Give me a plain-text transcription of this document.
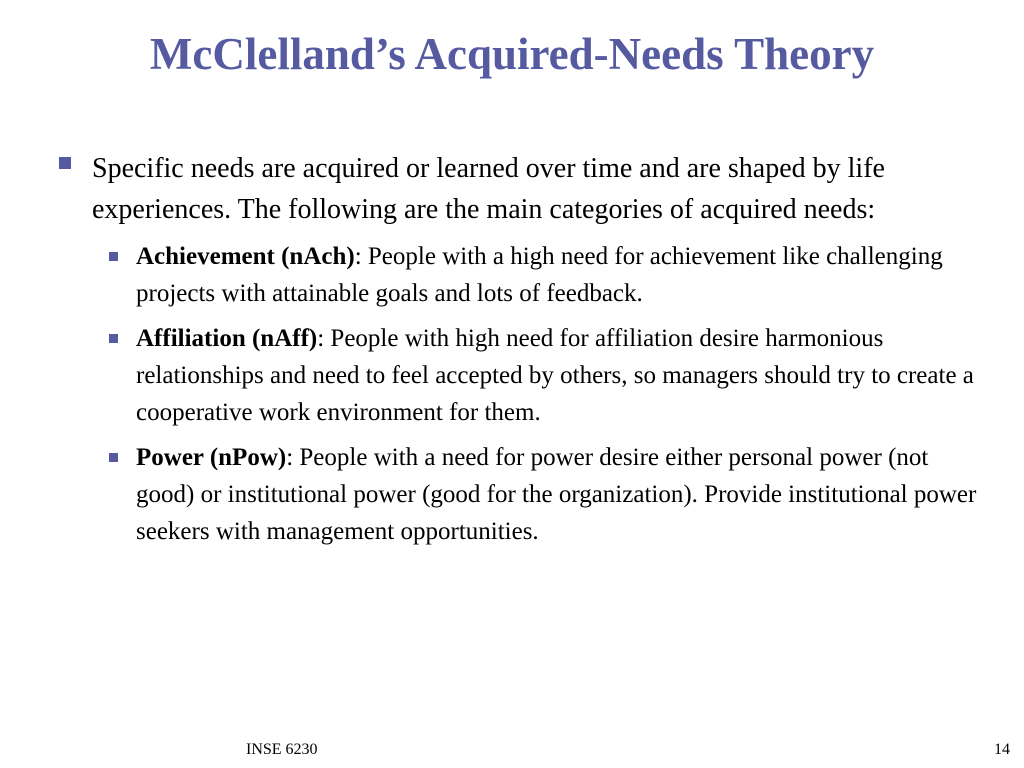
McClelland’s Acquired-Needs Theory
Specific needs are acquired or learned over time and are shaped by life experiences. The following are the main categories of acquired needs:
Achievement (nAch): People with a high need for achievement like challenging projects with attainable goals and lots of feedback.
Affiliation (nAff): People with high need for affiliation desire harmonious relationships and need to feel accepted by others, so managers should try to create a cooperative work environment for them.
Power (nPow): People with a need for power desire either personal power (not good) or institutional power (good for the organization). Provide institutional power seekers with management opportunities.
INSE 6230	14
